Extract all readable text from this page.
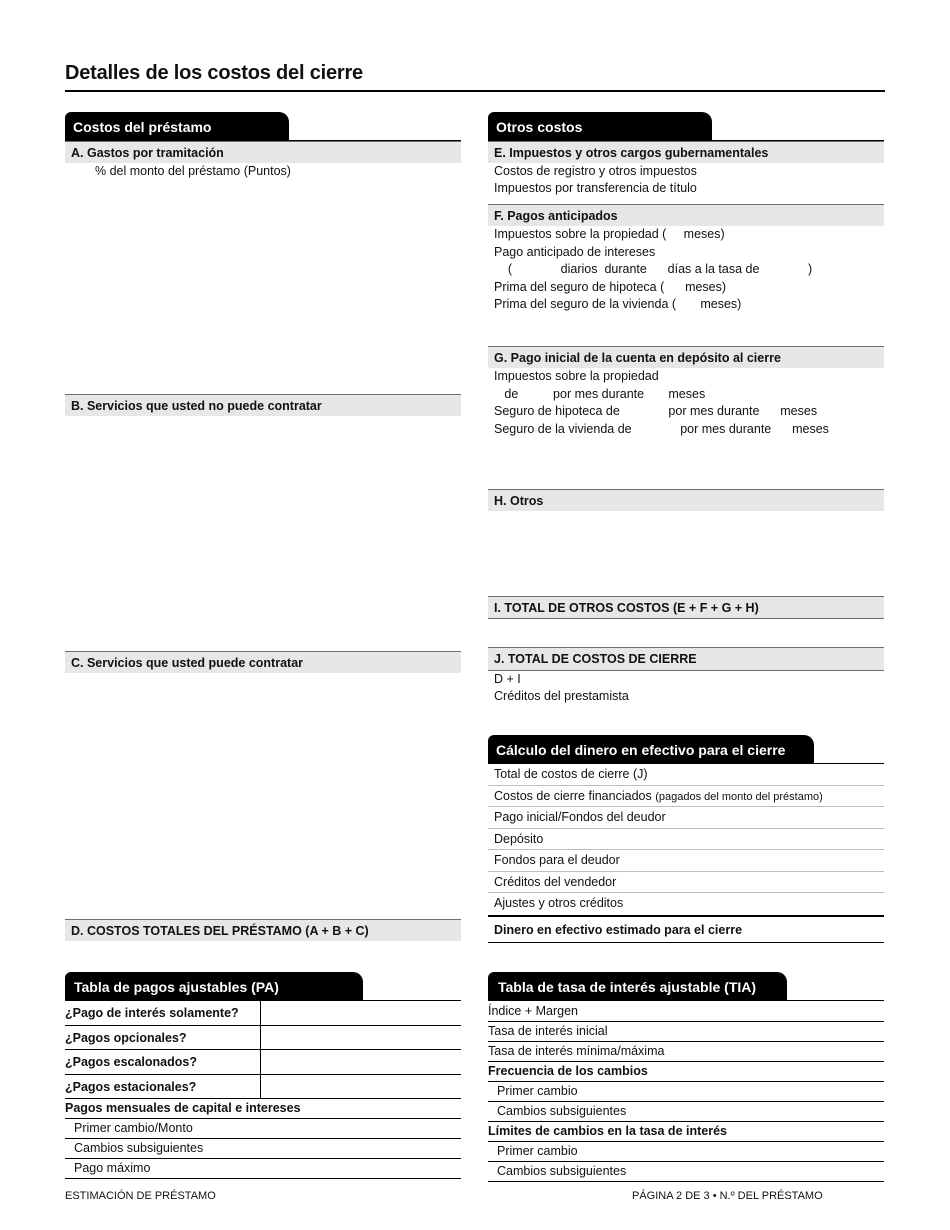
Detalles de los costos del cierre
Costos del préstamo
A. Gastos por tramitación
% del monto del préstamo (Puntos)
B. Servicios que usted no puede contratar
C. Servicios que usted puede contratar
D. COSTOS TOTALES DEL PRÉSTAMO (A + B + C)
Otros costos
E. Impuestos y otros cargos gubernamentales
Costos de registro y otros impuestos
Impuestos por transferencia de título
F. Pagos anticipados
Impuestos sobre la propiedad (     meses)
Pago anticipado de intereses
(              diarios  durante      días a la tasa de              )
Prima del seguro de hipoteca (      meses)
Prima del seguro de la vivienda (       meses)
G. Pago inicial de la cuenta en depósito al cierre
Impuestos sobre la propiedad
de          por mes durante       meses
Seguro de hipoteca de              por mes durante      meses
Seguro de la vivienda de              por mes durante      meses
H. Otros
I. TOTAL DE OTROS COSTOS (E + F + G + H)
J. TOTAL DE COSTOS DE CIERRE
D + I
Créditos del prestamista
Cálculo del dinero en efectivo para el cierre
Total de costos de cierre (J)
Costos de cierre financiados (pagados del monto del préstamo)
Pago inicial/Fondos del deudor
Depósito
Fondos para el deudor
Créditos del vendedor
Ajustes y otros créditos
Dinero en efectivo estimado para el cierre
Tabla de pagos ajustables (PA)
¿Pago de interés solamente?
¿Pagos opcionales?
¿Pagos escalonados?
¿Pagos estacionales?
Pagos mensuales de capital e intereses
Primer cambio/Monto
Cambios subsiguientes
Pago máximo
Tabla de tasa de interés ajustable (TIA)
Índice + Margen
Tasa de interés inicial
Tasa de interés mínima/máxima
Frecuencia de los cambios
Primer cambio
Cambios subsiguientes
Límites de cambios en la tasa de interés
Primer cambio
Cambios subsiguientes
ESTIMACIÓN DE PRÉSTAMO	PÁGINA 2 DE 3 • N.º DEL PRÉSTAMO
